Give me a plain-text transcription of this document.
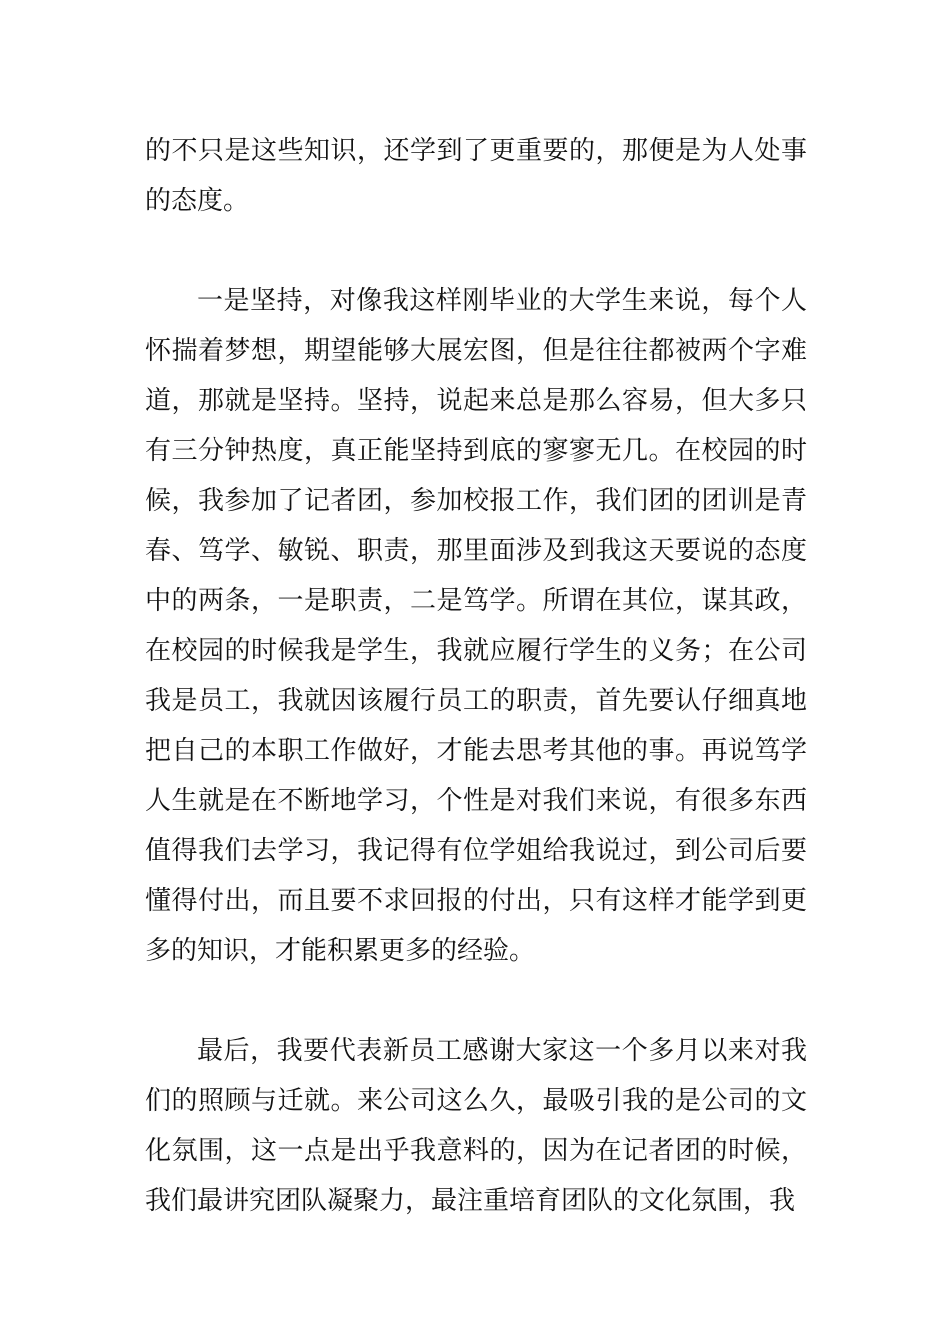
的不只是这些知识，还学到了更重要的，那便是为人处事的态度。

一是坚持，对像我这样刚毕业的大学生来说，每个人怀揣着梦想，期望能够大展宏图，但是往往都被两个字难道，那就是坚持。坚持，说起来总是那么容易，但大多只有三分钟热度，真正能坚持到底的寥寥无几。在校园的时候，我参加了记者团，参加校报工作，我们团的团训是青春、笃学、敏锐、职责，那里面涉及到我这天要说的态度中的两条，一是职责，二是笃学。所谓在其位，谋其政，在校园的时候我是学生，我就应履行学生的义务；在公司我是员工，我就因该履行员工的职责，首先要认仔细真地把自己的本职工作做好，才能去思考其他的事。再说笃学人生就是在不断地学习，个性是对我们来说，有很多东西值得我们去学习，我记得有位学姐给我说过，到公司后要懂得付出，而且要不求回报的付出，只有这样才能学到更多的知识，才能积累更多的经验。

最后，我要代表新员工感谢大家这一个多月以来对我们的照顾与迁就。来公司这么久，最吸引我的是公司的文化氛围，这一点是出乎我意料的，因为在记者团的时候，我们最讲究团队凝聚力，最注重培育团队的文化氛围，我
